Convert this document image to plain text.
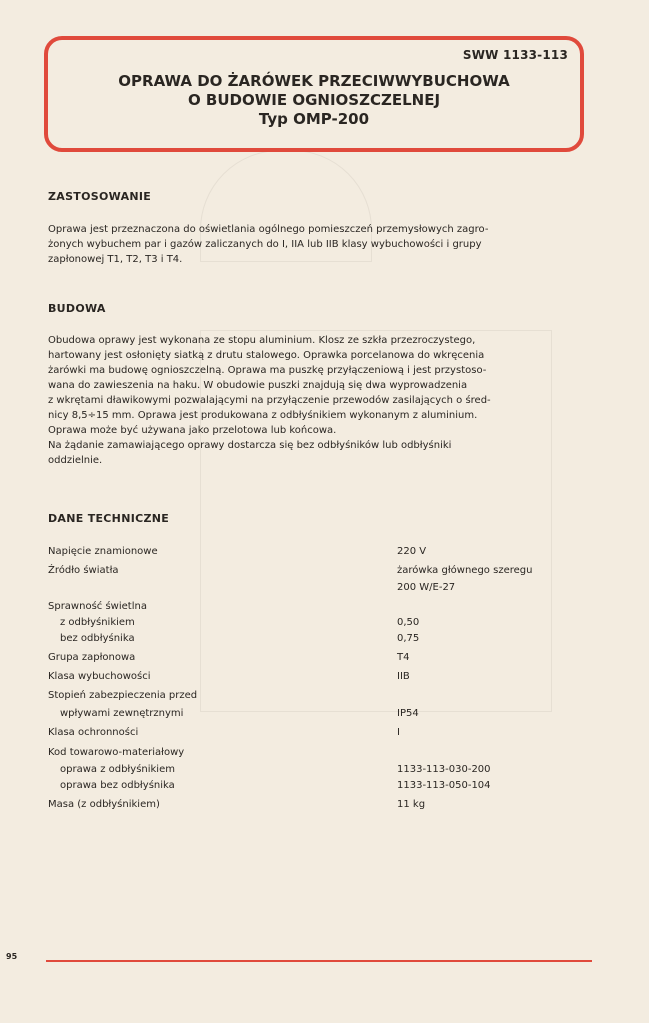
SWW 1133-113
OPRAWA DO ŻARÓWEK PRZECIWWYBUCHOWA
O BUDOWIE OGNIOSZCZELNEJ
Typ OMP-200
ZASTOSOWANIE
Oprawa jest przeznaczona do oświetlania ogólnego pomieszczeń przemysłowych zagro-
żonych wybuchem par i gazów zaliczanych do I, IIA lub IIB klasy wybuchowości i grupy
zapłonowej T1, T2, T3 i T4.
BUDOWA
Obudowa oprawy jest wykonana ze stopu aluminium. Klosz ze szkła przezroczystego,
hartowany jest osłonięty siatką z drutu stalowego. Oprawka porcelanowa do wkręcenia
żarówki ma budowę ognioszczelną. Oprawa ma puszkę przyłączeniową i jest przystoso-
wana do zawieszenia na haku. W obudowie puszki znajdują się dwa wyprowadzenia
z wkrętami dławikowymi pozwalającymi na przyłączenie przewodów zasilających o śred-
nicy 8,5÷15 mm. Oprawa jest produkowana z odbłyśnikiem wykonanym z aluminium.
Oprawa może być używana jako przelotowa lub końcowa.
Na żądanie zamawiającego oprawy dostarcza się bez odbłyśników lub odbłyśniki
oddzielnie.
DANE TECHNICZNE
Napięcie znamionowe	220 V
Źródło światła	żarówka głównego szeregu
200 W/E-27
Sprawność świetlna
z odbłyśnikiem	0,50
bez odbłyśnika	0,75
Grupa zapłonowa	T4
Klasa wybuchowości	IIB
Stopień zabezpieczenia przed
wpływami zewnętrznymi	IP54
Klasa ochronności	I
Kod towarowo-materiałowy
oprawa z odbłyśnikiem	1133-113-030-200
oprawa bez odbłyśnika	1133-113-050-104
Masa (z odbłyśnikiem)	11 kg
95
